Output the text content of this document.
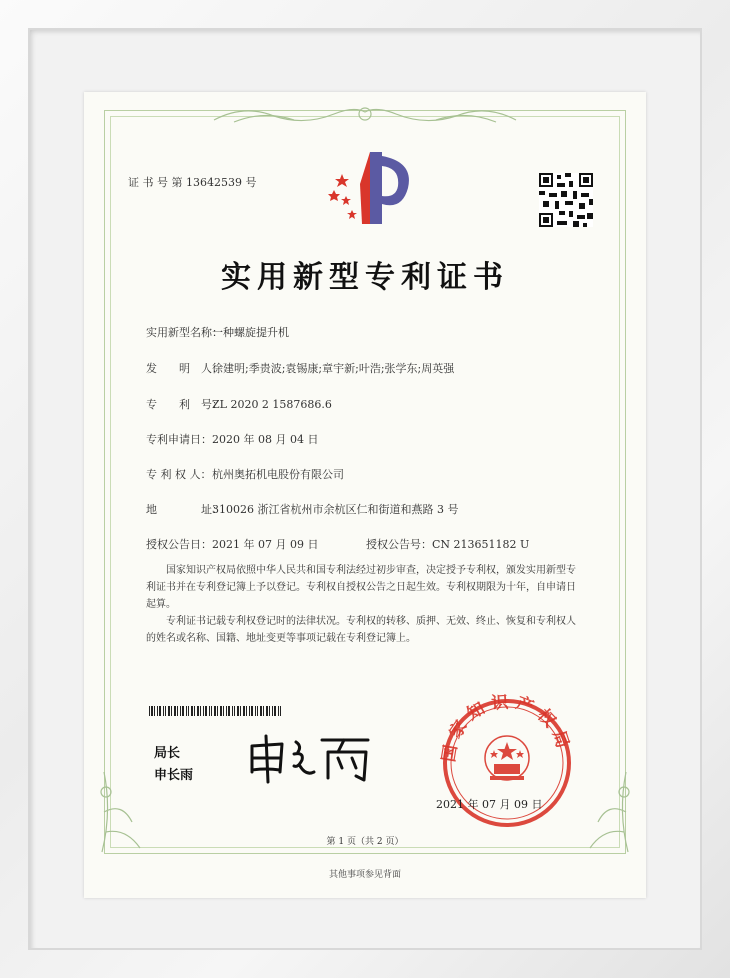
证 书 号 第 13642539 号
实用新型专利证书
实用新型名称：一种螺旋提升机
发　　明　人：徐建明;季贵波;袁锡康;章宇新;叶浩;张学东;周英强
专　　利　号：ZL 2020 2 1587686.6
专利申请日：2020 年 08 月 04 日
专 利 权 人：杭州奥拓机电股份有限公司
地　　　　址：310026 浙江省杭州市余杭区仁和街道和燕路 3 号
授权公告日：2021 年 07 月 09 日	授权公告号：CN 213651182 U
国家知识产权局依照中华人民共和国专利法经过初步审查，决定授予专利权，颁发实用新型专利证书并在专利登记簿上予以登记。专利权自授权公告之日起生效。专利权期限为十年，自申请日起算。
专利证书记载专利权登记时的法律状况。专利权的转移、质押、无效、终止、恢复和专利权人的姓名或名称、国籍、地址变更等事项记载在专利登记簿上。
局长
申长雨
国家知识产权局
2021 年 07 月 09 日
第 1 页（共 2 页）
其他事项参见背面
